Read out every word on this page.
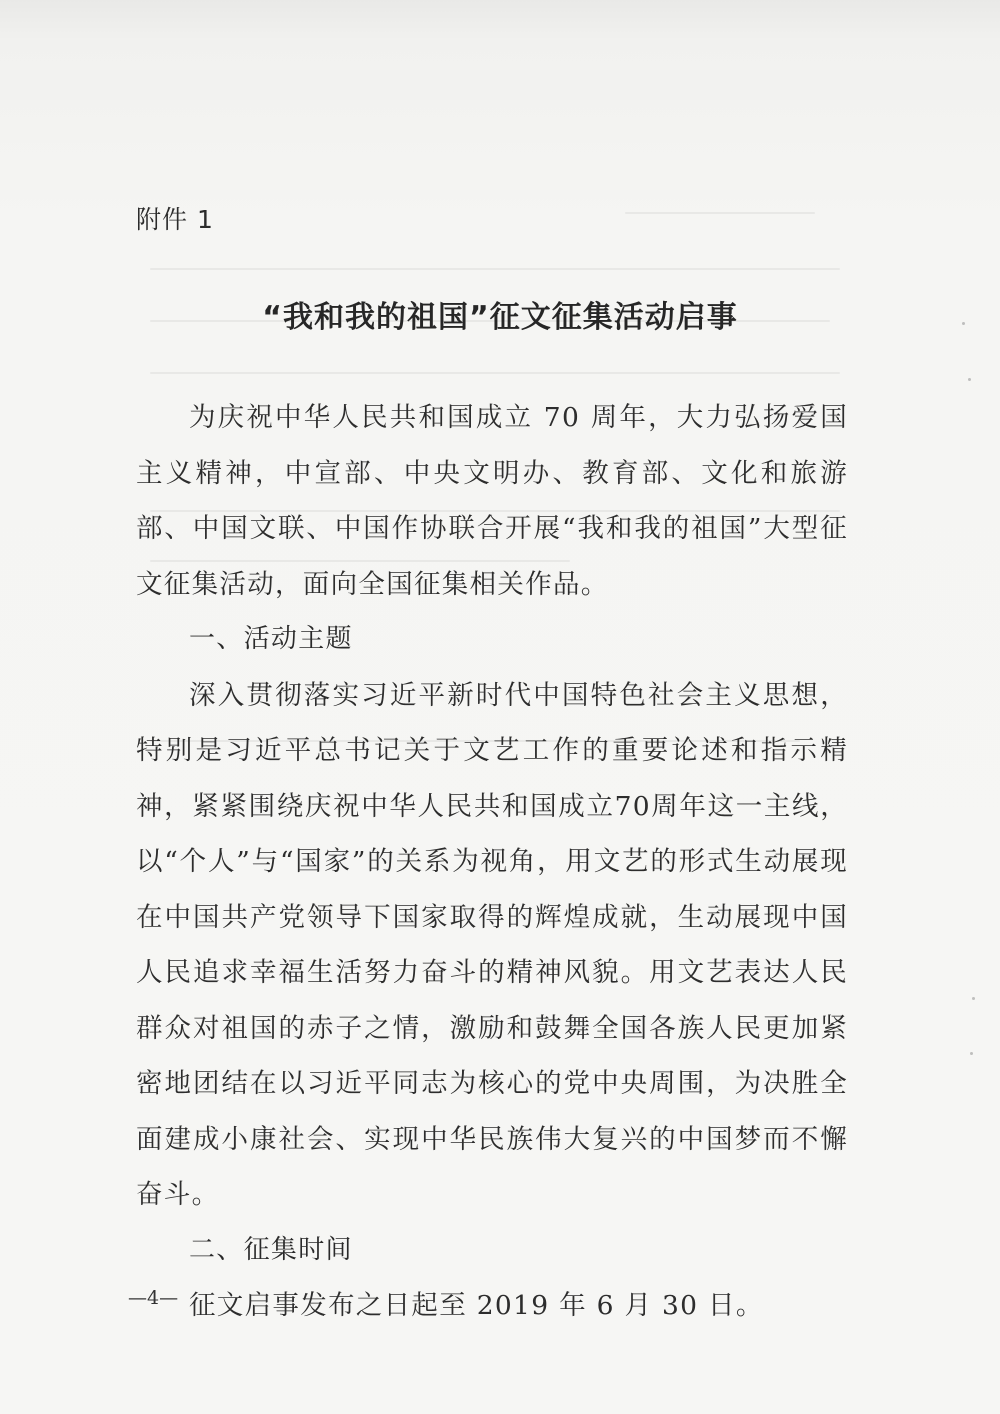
附件 1
“我和我的祖国”征文征集活动启事

为庆祝中华人民共和国成立 70 周年，大力弘扬爱国主义精神，中宣部、中央文明办、教育部、文化和旅游部、中国文联、中国作协联合开展“我和我的祖国”大型征文征集活动，面向全国征集相关作品。

一、活动主题

深入贯彻落实习近平新时代中国特色社会主义思想，特别是习近平总书记关于文艺工作的重要论述和指示精神，紧紧围绕庆祝中华人民共和国成立70周年这一主线，以“个人”与“国家”的关系为视角，用文艺的形式生动展现在中国共产党领导下国家取得的辉煌成就，生动展现中国人民追求幸福生活努力奋斗的精神风貌。用文艺表达人民群众对祖国的赤子之情，激励和鼓舞全国各族人民更加紧密地团结在以习近平同志为核心的党中央周围，为决胜全面建成小康社会、实现中华民族伟大复兴的中国梦而不懈奋斗。

二、征集时间

征文启事发布之日起至 2019 年 6 月 30 日。

—4—
